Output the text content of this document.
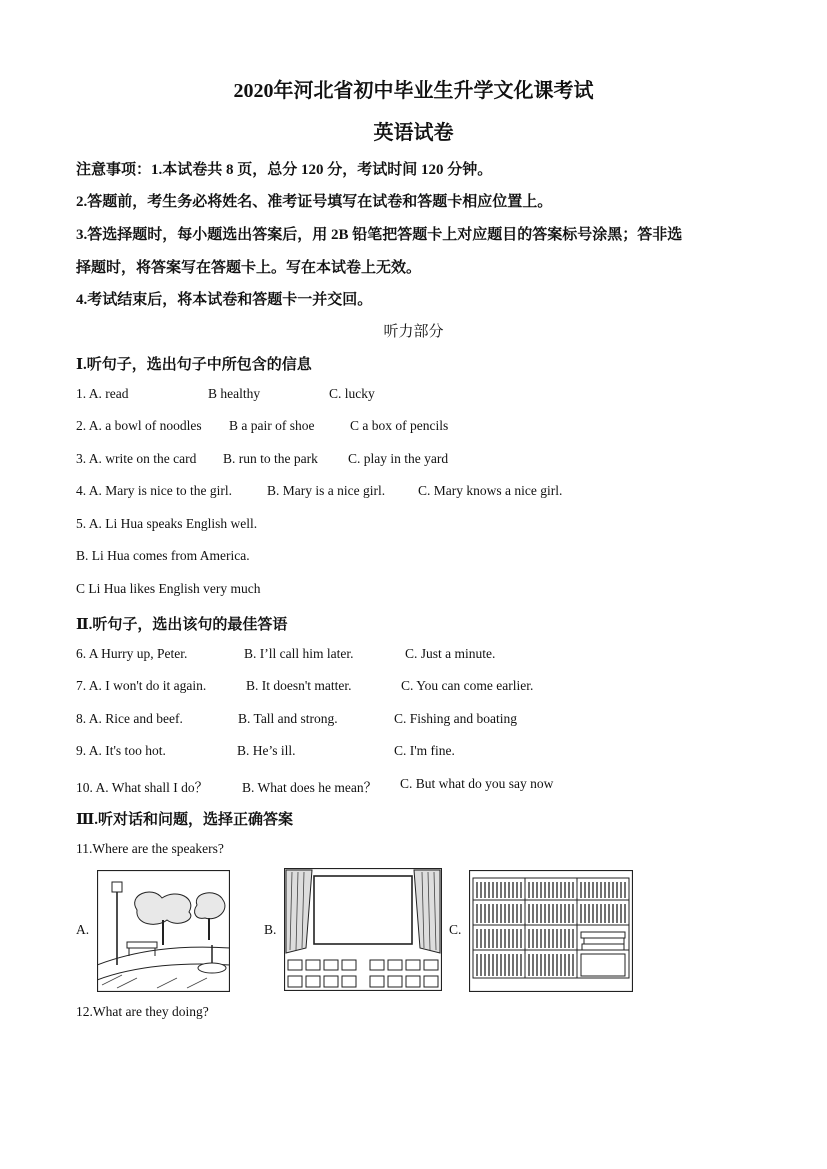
2020年河北省初中毕业生升学文化课考试
英语试卷
注意事项：1.本试卷共 8 页，总分 120 分，考试时间 120 分钟。
2.答题前，考生务必将姓名、准考证号填写在试卷和答题卡相应位置上。
3.答选择题时，每小题选出答案后，用 2B 铅笔把答题卡上对应题目的答案标号涂黑；答非选
择题时，将答案写在答题卡上。写在本试卷上无效。
4.考试结束后，将本试卷和答题卡一并交回。
听力部分
Ⅰ.听句子，选出句子中所包含的信息
1. A. read	B healthy	C. lucky
2. A. a bowl of noodles B a pair of shoe	C a box of pencils
3. A. write on the card B. run to the park C. play in the yard
4. A. Mary is nice to the girl.	B. Mary is a nice girl. C. Mary knows a nice girl.
5. A. Li Hua speaks English well.
B. Li Hua comes from America.
C Li Hua likes English very much
Ⅱ.听句子，选出该句的最佳答语
6. A Hurry up, Peter.	B. I’ll call him later.	C. Just a minute.
7. A. I won't do it again.	B. It doesn't matter.	C. You can come earlier.
8. A. Rice and beef.	B. Tall and strong.	C. Fishing and boating
9. A. It's too hot.	B. He’s ill.	C. I'm fine.
10. A. What shall I do？	B. What does he mean？ C. But what do you say now
Ⅲ.听对话和问题，选择正确答案
11.Where are the speakers?
A.	B.	C.
12.What are they doing?
